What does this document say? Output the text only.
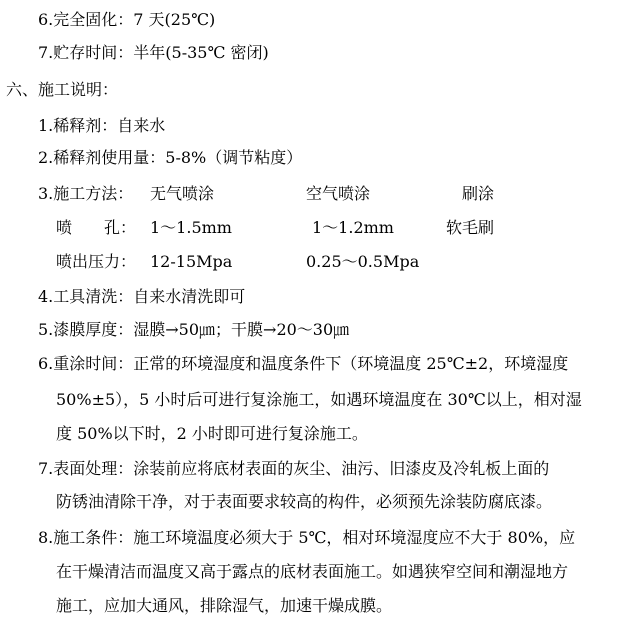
6.完全固化：7 天(25℃)
7.贮存时间：半年(5-35℃ 密闭)
六、施工说明：
1.稀释剂：自来水
2.稀释剂使用量：5-8%（调节粘度）
3.施工方法： 无气喷涂	空气喷涂	刷涂
喷　　孔： 1～1.5mm	1～1.2mm	软毛刷
喷出压力： 12-15Mpa	0.25～0.5Mpa
4.工具清洗：自来水清洗即可
5.漆膜厚度：湿膜→50㎛；干膜→20～30㎛
6.重涂时间：正常的环境湿度和温度条件下（环境温度 25℃±2，环境湿度
50%±5），5 小时后可进行复涂施工，如遇环境温度在 30℃以上，相对湿
度 50%以下时，2 小时即可进行复涂施工。
7.表面处理：涂装前应将底材表面的灰尘、油污、旧漆皮及冷轧板上面的
防锈油清除干净，对于表面要求较高的构件，必须预先涂装防腐底漆。
8.施工条件：施工环境温度必须大于 5℃，相对环境湿度应不大于 80%，应
在干燥清洁而温度又高于露点的底材表面施工。如遇狭窄空间和潮湿地方
施工，应加大通风，排除湿气，加速干燥成膜。
